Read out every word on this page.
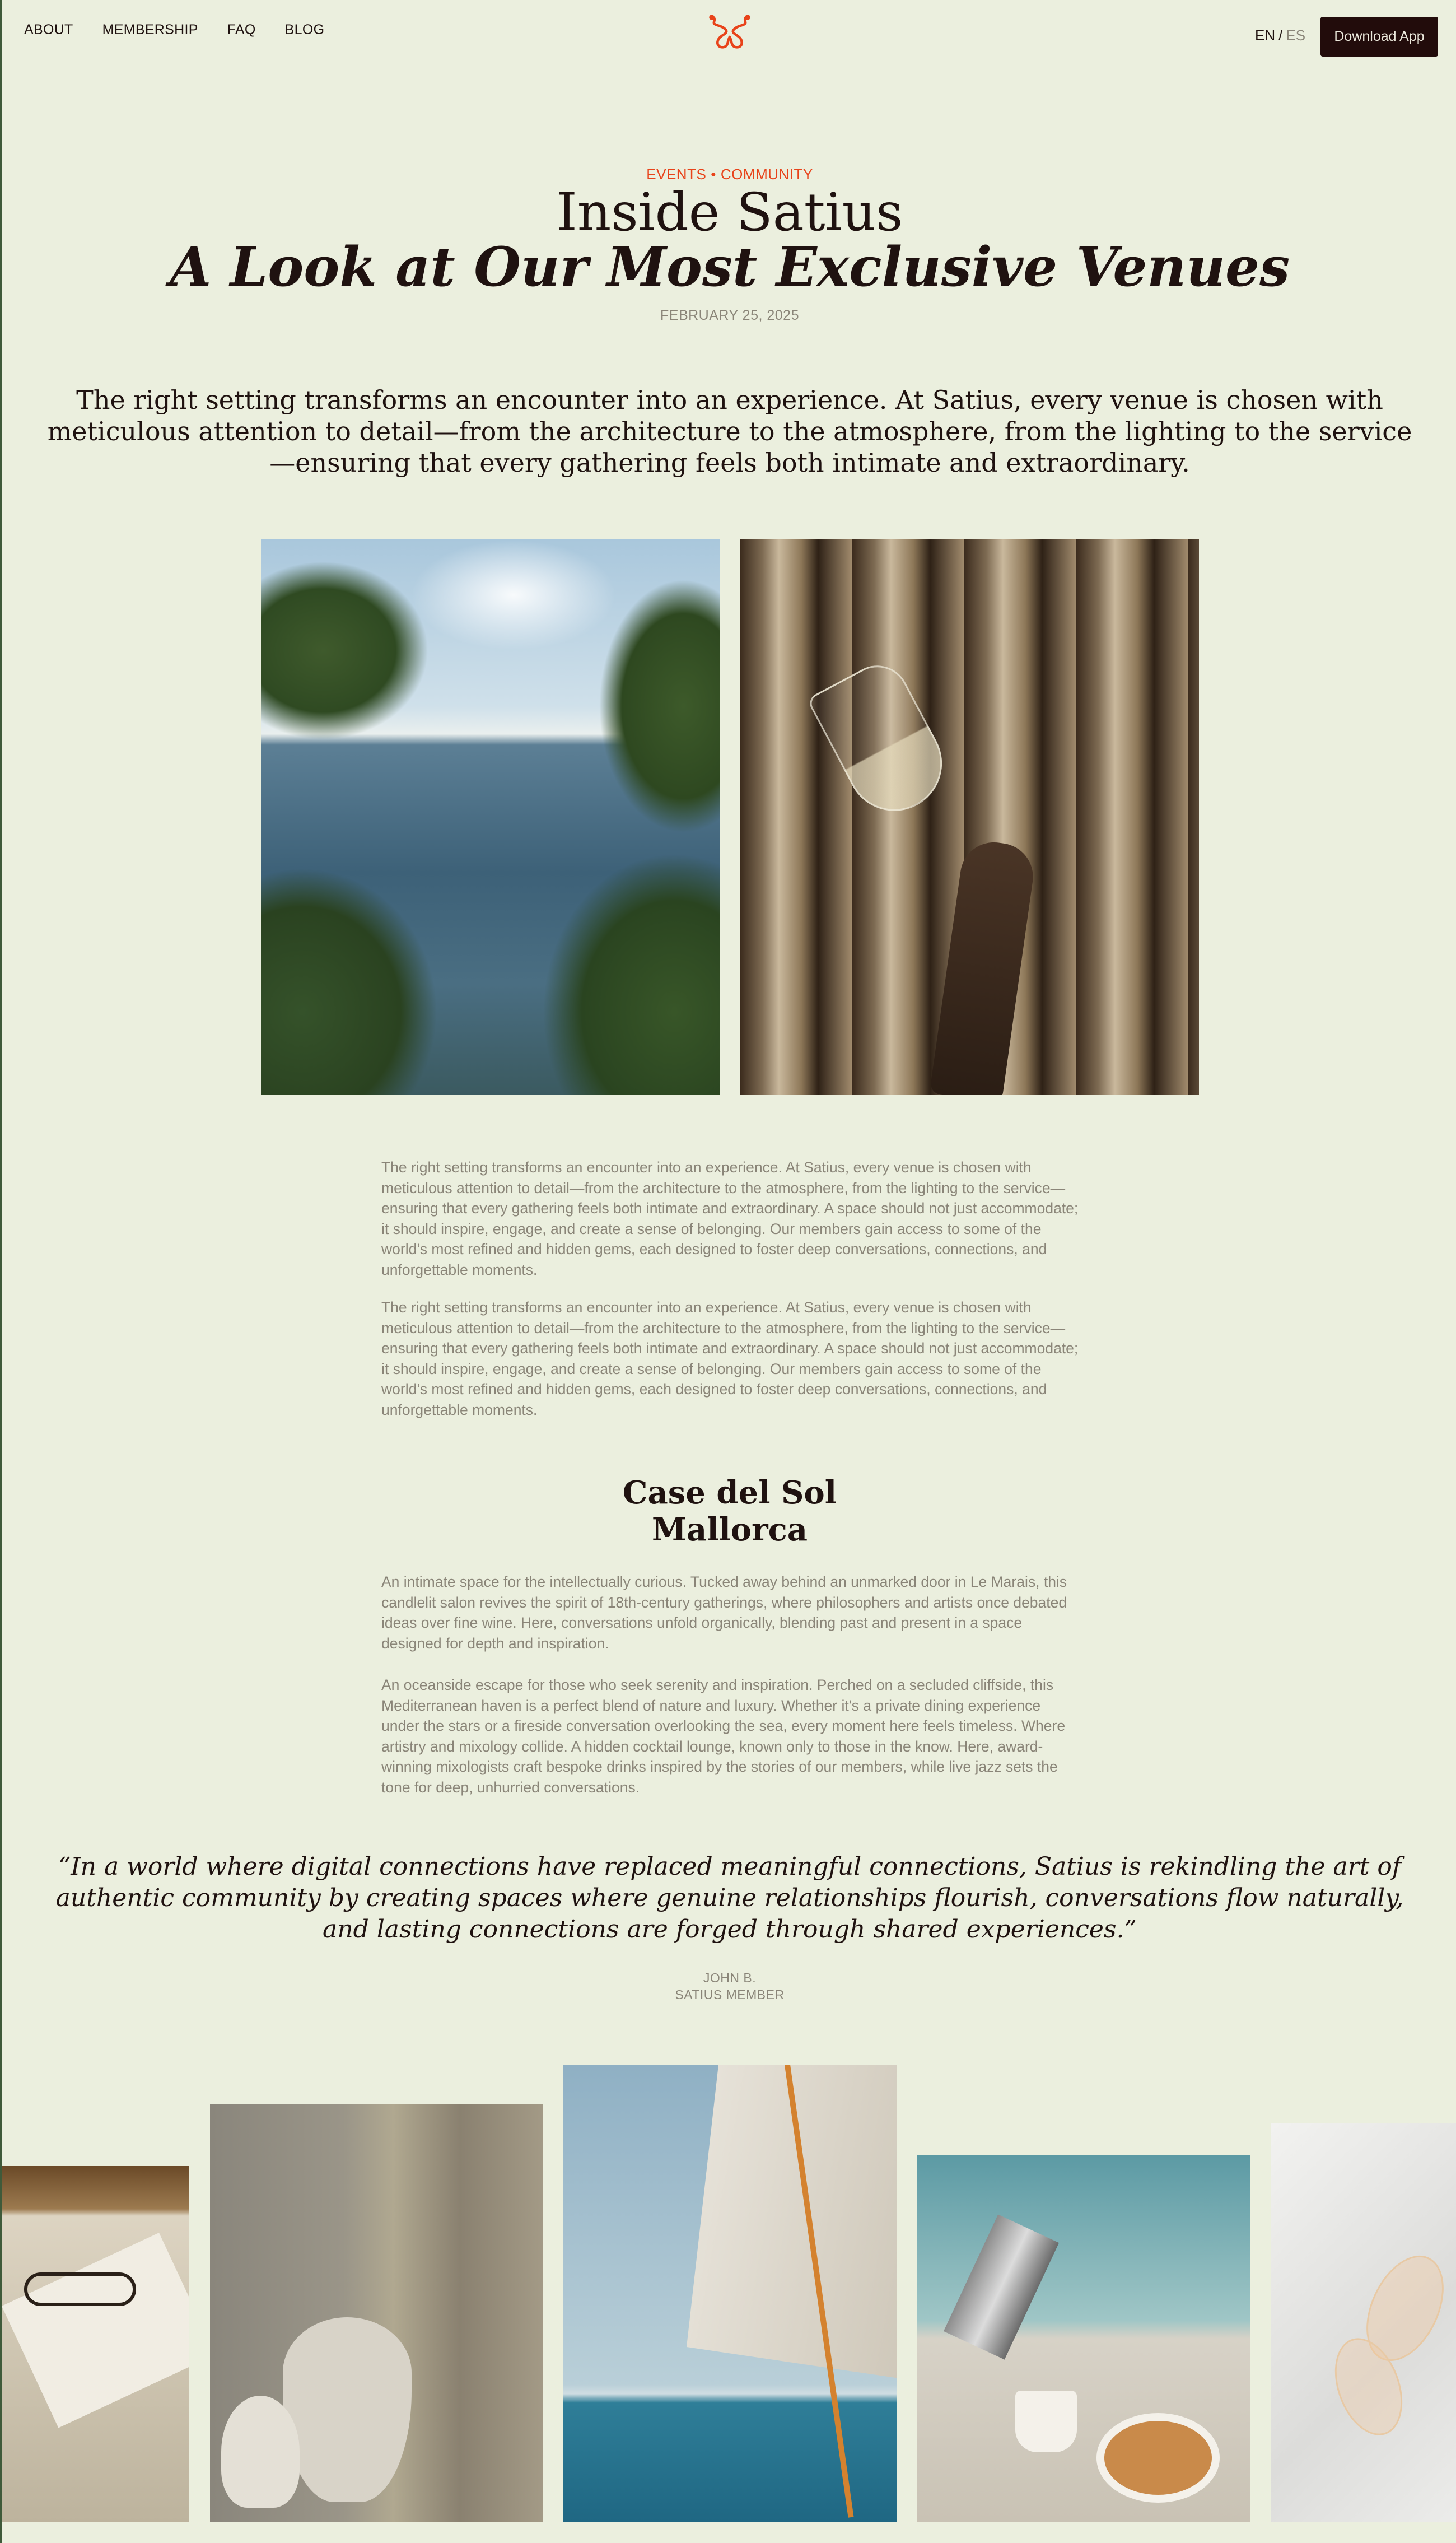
ABOUT MEMBERSHIP FAQ BLOG	EN / ES	Download App
EVENTS • COMMUNITY
Inside Satius
A Look at Our Most Exclusive Venues
FEBRUARY 25, 2025

The right setting transforms an encounter into an experience. At Satius, every venue is chosen with meticulous attention to detail—from the architecture to the atmosphere, from the lighting to the service—ensuring that every gathering feels both intimate and extraordinary.

The right setting transforms an encounter into an experience. At Satius, every venue is chosen with meticulous attention to detail—from the architecture to the atmosphere, from the lighting to the service—ensuring that every gathering feels both intimate and extraordinary. A space should not just accommodate; it should inspire, engage, and create a sense of belonging. Our members gain access to some of the world’s most refined and hidden gems, each designed to foster deep conversations, connections, and unforgettable moments.

The right setting transforms an encounter into an experience. At Satius, every venue is chosen with meticulous attention to detail—from the architecture to the atmosphere, from the lighting to the service—ensuring that every gathering feels both intimate and extraordinary. A space should not just accommodate; it should inspire, engage, and create a sense of belonging. Our members gain access to some of the world’s most refined and hidden gems, each designed to foster deep conversations, connections, and unforgettable moments.

Case del Sol
Mallorca

An intimate space for the intellectually curious. Tucked away behind an unmarked door in Le Marais, this candlelit salon revives the spirit of 18th-century gatherings, where philosophers and artists once debated ideas over fine wine. Here, conversations unfold organically, blending past and present in a space designed for depth and inspiration.

An oceanside escape for those who seek serenity and inspiration. Perched on a secluded cliffside, this Mediterranean haven is a perfect blend of nature and luxury. Whether it's a private dining experience under the stars or a fireside conversation overlooking the sea, every moment here feels timeless. Where artistry and mixology collide. A hidden cocktail lounge, known only to those in the know. Here, award-winning mixologists craft bespoke drinks inspired by the stories of our members, while live jazz sets the tone for deep, unhurried conversations.

“In a world where digital connections have replaced meaningful connections, Satius is rekindling the art of authentic community by creating spaces where genuine relationships flourish, conversations flow naturally, and lasting connections are forged through shared experiences.”
JOHN B.
SATIUS MEMBER
